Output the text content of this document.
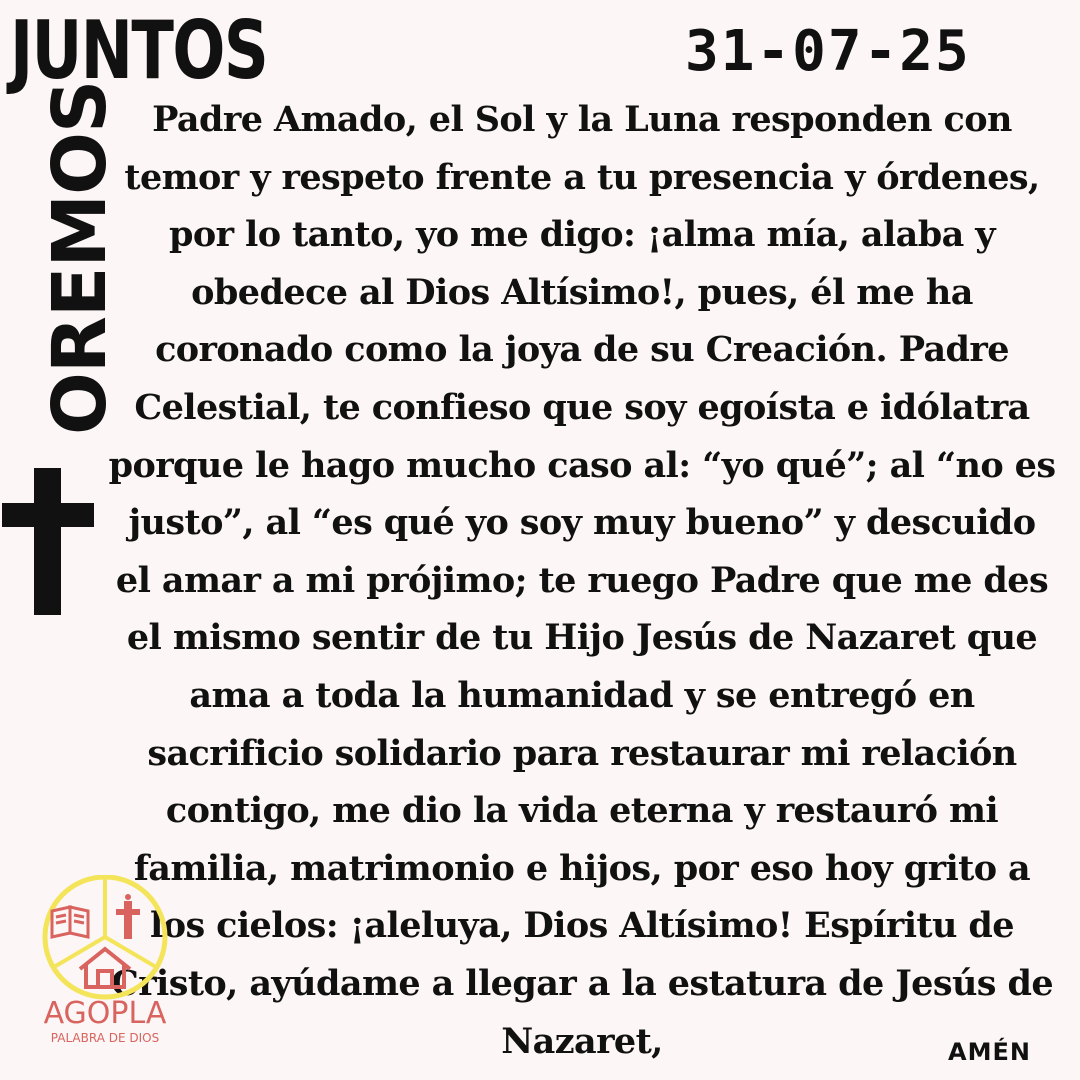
JUNTOS	31-07-25
OREMOS Padre Amado, el Sol y la Luna responden con
temor y respeto frente a tu presencia y órdenes,
por lo tanto, yo me digo: ¡alma mía, alaba y
obedece al Dios Altísimo!, pues, él me ha
coronado como la joya de su Creación. Padre
Celestial, te confieso que soy egoísta e idólatra
porque le hago mucho caso al: “yo qué”; al “no es
justo”, al “es qué yo soy muy bueno” y descuido
el amar a mi prójimo; te ruego Padre que me des
el mismo sentir de tu Hijo Jesús de Nazaret que
ama a toda la humanidad y se entregó en
sacrificio solidario para restaurar mi relación
contigo, me dio la vida eterna y restauró mi
familia, matrimonio e hijos, por eso hoy grito a
los cielos: ¡aleluya, Dios Altísimo! Espíritu de
Cristo, ayúdame a llegar a la estatura de Jesús de
Nazaret,
AGOPLA
PALABRA DE DIOS	AMÉN
